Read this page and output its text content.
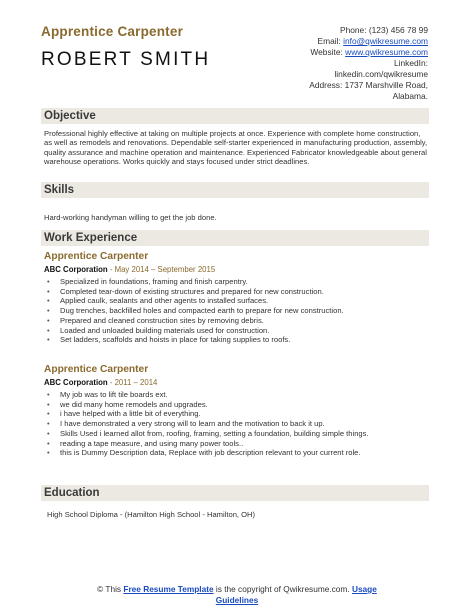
Apprentice Carpenter
ROBERT SMITH
Phone: (123) 456 78 99
Email: info@qwikresume.com
Website: www.qwikresume.com
LinkedIn:
linkedin.com/qwikresume
Address: 1737 Marshville Road,
Alabama.
Objective
Professional highly effective at taking on multiple projects at once. Experience with complete home construction, as well as remodels and renovations. Dependable self-starter experienced in manufacturing production, assembly, quality assurance and machine operation and maintenance. Experienced Fabricator knowledgeable about general warehouse operations. Works quickly and stays focused under strict deadlines.
Skills
Hard-working handyman willing to get the job done.
Work Experience
Apprentice Carpenter
ABC Corporation - May 2014 – September 2015
• Specialized in foundations, framing and finish carpentry.
• Completed tear-down of existing structures and prepared for new construction.
• Applied caulk, sealants and other agents to installed surfaces.
• Dug trenches, backfilled holes and compacted earth to prepare for new construction.
• Prepared and cleaned construction sites by removing debris.
• Loaded and unloaded building materials used for construction.
• Set ladders, scaffolds and hoists in place for taking supplies to roofs.
Apprentice Carpenter
ABC Corporation - 2011 – 2014
• My job was to lift tile boards ext.
• we did many home remodels and upgrades.
• i have helped with a little bit of everything.
• I have demonstrated a very strong will to learn and the motivation to back it up.
• Skills Used i learned allot from, roofing, framing, setting a foundation, building simple things.
• reading a tape measure, and using many power tools..
• this is Dummy Description data, Replace with job description relevant to your current role.
Education
High School Diploma - (Hamilton High School - Hamilton, OH)
© This Free Resume Template is the copyright of Qwikresume.com. Usage
Guidelines
